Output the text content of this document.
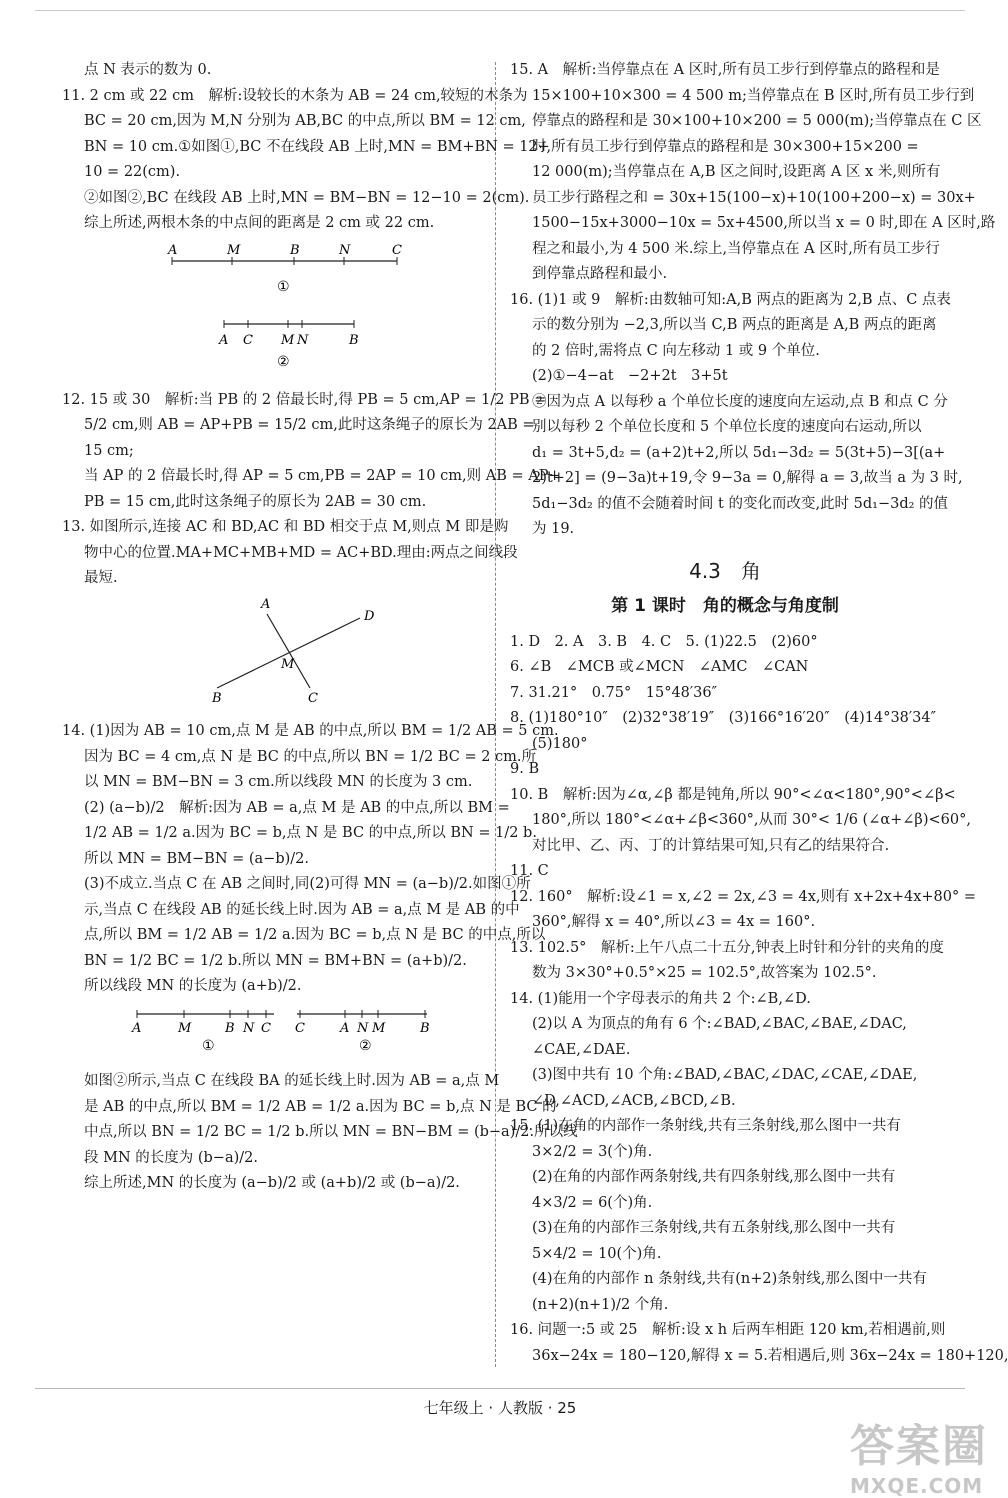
点 N 表示的数为 0.
11. 2 cm 或 22 cm　解析:设较长的木条为 AB = 24 cm,较短的木条为
BC = 20 cm,因为 M,N 分别为 AB,BC 的中点,所以 BM = 12 cm,
BN = 10 cm.①如图①,BC 不在线段 AB 上时,MN = BM+BN = 12+
10 = 22(cm).
②如图②,BC 在线段 AB 上时,MN = BM−BN = 12−10 = 2(cm).
综上所述,两根木条的中点间的距离是 2 cm 或 22 cm.
A	M	B	N	C
①
A C M N	B
②
12. 15 或 30　解析:当 PB 的 2 倍最长时,得 PB = 5 cm,AP = 1/2 PB =
5/2 cm,则 AB = AP+PB = 15/2 cm,此时这条绳子的原长为 2AB =
15 cm;
当 AP 的 2 倍最长时,得 AP = 5 cm,PB = 2AP = 10 cm,则 AB = AP+
PB = 15 cm,此时这条绳子的原长为 2AB = 30 cm.
13. 如图所示,连接 AC 和 BD,AC 和 BD 相交于点 M,则点 M 即是购
物中心的位置.MA+MC+MB+MD = AC+BD.理由:两点之间线段
最短.
A
D
M
B	C
14. (1)因为 AB = 10 cm,点 M 是 AB 的中点,所以 BM = 1/2 AB = 5 cm.
因为 BC = 4 cm,点 N 是 BC 的中点,所以 BN = 1/2 BC = 2 cm.所
以 MN = BM−BN = 3 cm.所以线段 MN 的长度为 3 cm.
(2) (a−b)/2　解析:因为 AB = a,点 M 是 AB 的中点,所以 BM =
1/2 AB = 1/2 a.因为 BC = b,点 N 是 BC 的中点,所以 BN = 1/2 b.
所以 MN = BM−BN = (a−b)/2.
(3)不成立.当点 C 在 AB 之间时,同(2)可得 MN = (a−b)/2.如图①所
示,当点 C 在线段 AB 的延长线上时.因为 AB = a,点 M 是 AB 的中
点,所以 BM = 1/2 AB = 1/2 a.因为 BC = b,点 N 是 BC 的中点,所以
BN = 1/2 BC = 1/2 b.所以 MN = BM+BN = (a+b)/2.
所以线段 MN 的长度为 (a+b)/2.
A	M	B N C
①
C	A N M	B
②
如图②所示,当点 C 在线段 BA 的延长线上时.因为 AB = a,点 M
是 AB 的中点,所以 BM = 1/2 AB = 1/2 a.因为 BC = b,点 N 是 BC 的
中点,所以 BN = 1/2 BC = 1/2 b.所以 MN = BN−BM = (b−a)/2.所以线
段 MN 的长度为 (b−a)/2.
综上所述,MN 的长度为 (a−b)/2 或 (a+b)/2 或 (b−a)/2.
15. A　解析:当停靠点在 A 区时,所有员工步行到停靠点的路程和是
15×100+10×300 = 4 500 m;当停靠点在 B 区时,所有员工步行到
停靠点的路程和是 30×100+10×200 = 5 000(m);当停靠点在 C 区
时,所有员工步行到停靠点的路程和是 30×300+15×200 =
12 000(m);当停靠点在 A,B 区之间时,设距离 A 区 x 米,则所有
员工步行路程之和 = 30x+15(100−x)+10(100+200−x) = 30x+
1500−15x+3000−10x = 5x+4500,所以当 x = 0 时,即在 A 区时,路
程之和最小,为 4 500 米.综上,当停靠点在 A 区时,所有员工步行
到停靠点路程和最小.
16. (1)1 或 9　解析:由数轴可知:A,B 两点的距离为 2,B 点、C 点表
示的数分别为 −2,3,所以当 C,B 两点的距离是 A,B 两点的距离
的 2 倍时,需将点 C 向左移动 1 或 9 个单位.
(2)①−4−at　−2+2t　3+5t
②因为点 A 以每秒 a 个单位长度的速度向左运动,点 B 和点 C 分
别以每秒 2 个单位长度和 5 个单位长度的速度向右运动,所以
d₁ = 3t+5,d₂ = (a+2)t+2,所以 5d₁−3d₂ = 5(3t+5)−3[(a+
2)t+2] = (9−3a)t+19,令 9−3a = 0,解得 a = 3,故当 a 为 3 时,
5d₁−3d₂ 的值不会随着时间 t 的变化而改变,此时 5d₁−3d₂ 的值
为 19.
4.3　角
第 1 课时　角的概念与角度制
1. D　2. A　3. B　4. C　5. (1)22.5　(2)60°
6. ∠B　∠MCB 或∠MCN　∠AMC　∠CAN
7. 31.21°　0.75°　15°48′36″
8. (1)180°10″　(2)32°38′19″　(3)166°16′20″　(4)14°38′34″
(5)180°
9. B
10. B　解析:因为∠α,∠β 都是钝角,所以 90°<∠α<180°,90°<∠β<
180°,所以 180°<∠α+∠β<360°,从而 30°< 1/6 (∠α+∠β)<60°,
对比甲、乙、丙、丁的计算结果可知,只有乙的结果符合.
11. C
12. 160°　解析:设∠1 = x,∠2 = 2x,∠3 = 4x,则有 x+2x+4x+80° =
360°,解得 x = 40°,所以∠3 = 4x = 160°.
13. 102.5°　解析:上午八点二十五分,钟表上时针和分针的夹角的度
数为 3×30°+0.5°×25 = 102.5°,故答案为 102.5°.
14. (1)能用一个字母表示的角共 2 个:∠B,∠D.
(2)以 A 为顶点的角有 6 个:∠BAD,∠BAC,∠BAE,∠DAC,
∠CAE,∠DAE.
(3)图中共有 10 个角:∠BAD,∠BAC,∠DAC,∠CAE,∠DAE,
∠D,∠ACD,∠ACB,∠BCD,∠B.
15. (1)在角的内部作一条射线,共有三条射线,那么图中一共有
3×2/2 = 3(个)角.
(2)在角的内部作两条射线,共有四条射线,那么图中一共有
4×3/2 = 6(个)角.
(3)在角的内部作三条射线,共有五条射线,那么图中一共有
5×4/2 = 10(个)角.
(4)在角的内部作 n 条射线,共有(n+2)条射线,那么图中一共有
(n+2)(n+1)/2 个角.
16. 问题一:5 或 25　解析:设 x h 后两车相距 120 km,若相遇前,则
36x−24x = 180−120,解得 x = 5.若相遇后,则 36x−24x = 180+120,
七年级上 · 人教版 · 25
答案圈
MXQE.COM
